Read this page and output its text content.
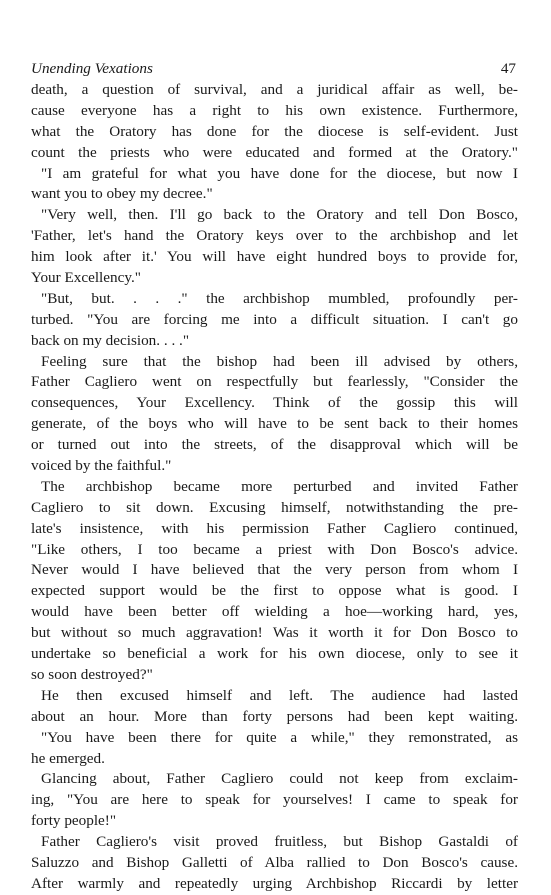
Unending Vexations	47
death, a question of survival, and a juridical affair as well, be-
cause everyone has a right to his own existence. Furthermore,
what the Oratory has done for the diocese is self-evident. Just
count the priests who were educated and formed at the Oratory."
"I am grateful for what you have done for the diocese, but now I
want you to obey my decree."
"Very well, then. I'll go back to the Oratory and tell Don Bosco,
'Father, let's hand the Oratory keys over to the archbishop and let
him look after it.' You will have eight hundred boys to provide for,
Your Excellency."
"But, but. . . ." the archbishop mumbled, profoundly per-
turbed. "You are forcing me into a difficult situation. I can't go
back on my decision. . . ."
Feeling sure that the bishop had been ill advised by others,
Father Cagliero went on respectfully but fearlessly, "Consider the
consequences, Your Excellency. Think of the gossip this will
generate, of the boys who will have to be sent back to their homes
or turned out into the streets, of the disapproval which will be
voiced by the faithful."
The archbishop became more perturbed and invited Father
Cagliero to sit down. Excusing himself, notwithstanding the pre-
late's insistence, with his permission Father Cagliero continued,
"Like others, I too became a priest with Don Bosco's advice.
Never would I have believed that the very person from whom I
expected support would be the first to oppose what is good. I
would have been better off wielding a hoe—working hard, yes,
but without so much aggravation! Was it worth it for Don Bosco to
undertake so beneficial a work for his own diocese, only to see it
so soon destroyed?"
He then excused himself and left. The audience had lasted
about an hour. More than forty persons had been kept waiting.
"You have been there for quite a while," they remonstrated, as
he emerged.
Glancing about, Father Cagliero could not keep from exclaim-
ing, "You are here to speak for yourselves! I came to speak for
forty people!"
Father Cagliero's visit proved fruitless, but Bishop Gastaldi of
Saluzzo and Bishop Galletti of Alba rallied to Don Bosco's cause.
After warmly and repeatedly urging Archbishop Riccardi by letter
